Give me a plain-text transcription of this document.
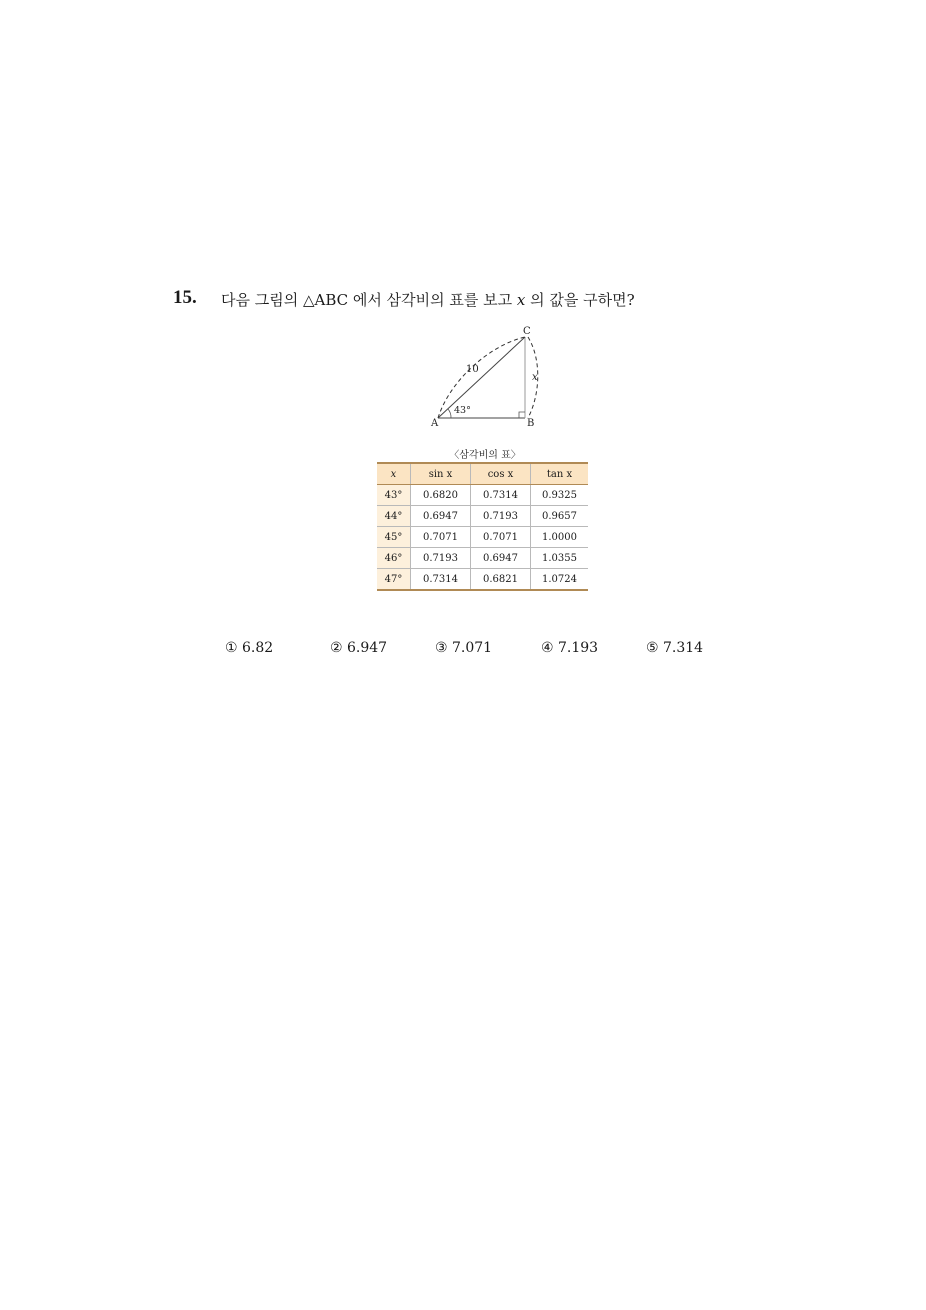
15. 다음 그림의 △ABC 에서 삼각비의 표를 보고 x 의 값을 구하면?
A	B
C
10
x
43°
〈삼각비의 표〉
x	sin x	cos x	tan x
43°	0.6820	0.7314	0.9325
44°	0.6947	0.7193	0.9657
45°	0.7071	0.7071	1.0000
46°	0.7193	0.6947	1.0355
47°	0.7314	0.6821	1.0724
① 6.82	② 6.947	③ 7.071	④ 7.193	⑤ 7.314
